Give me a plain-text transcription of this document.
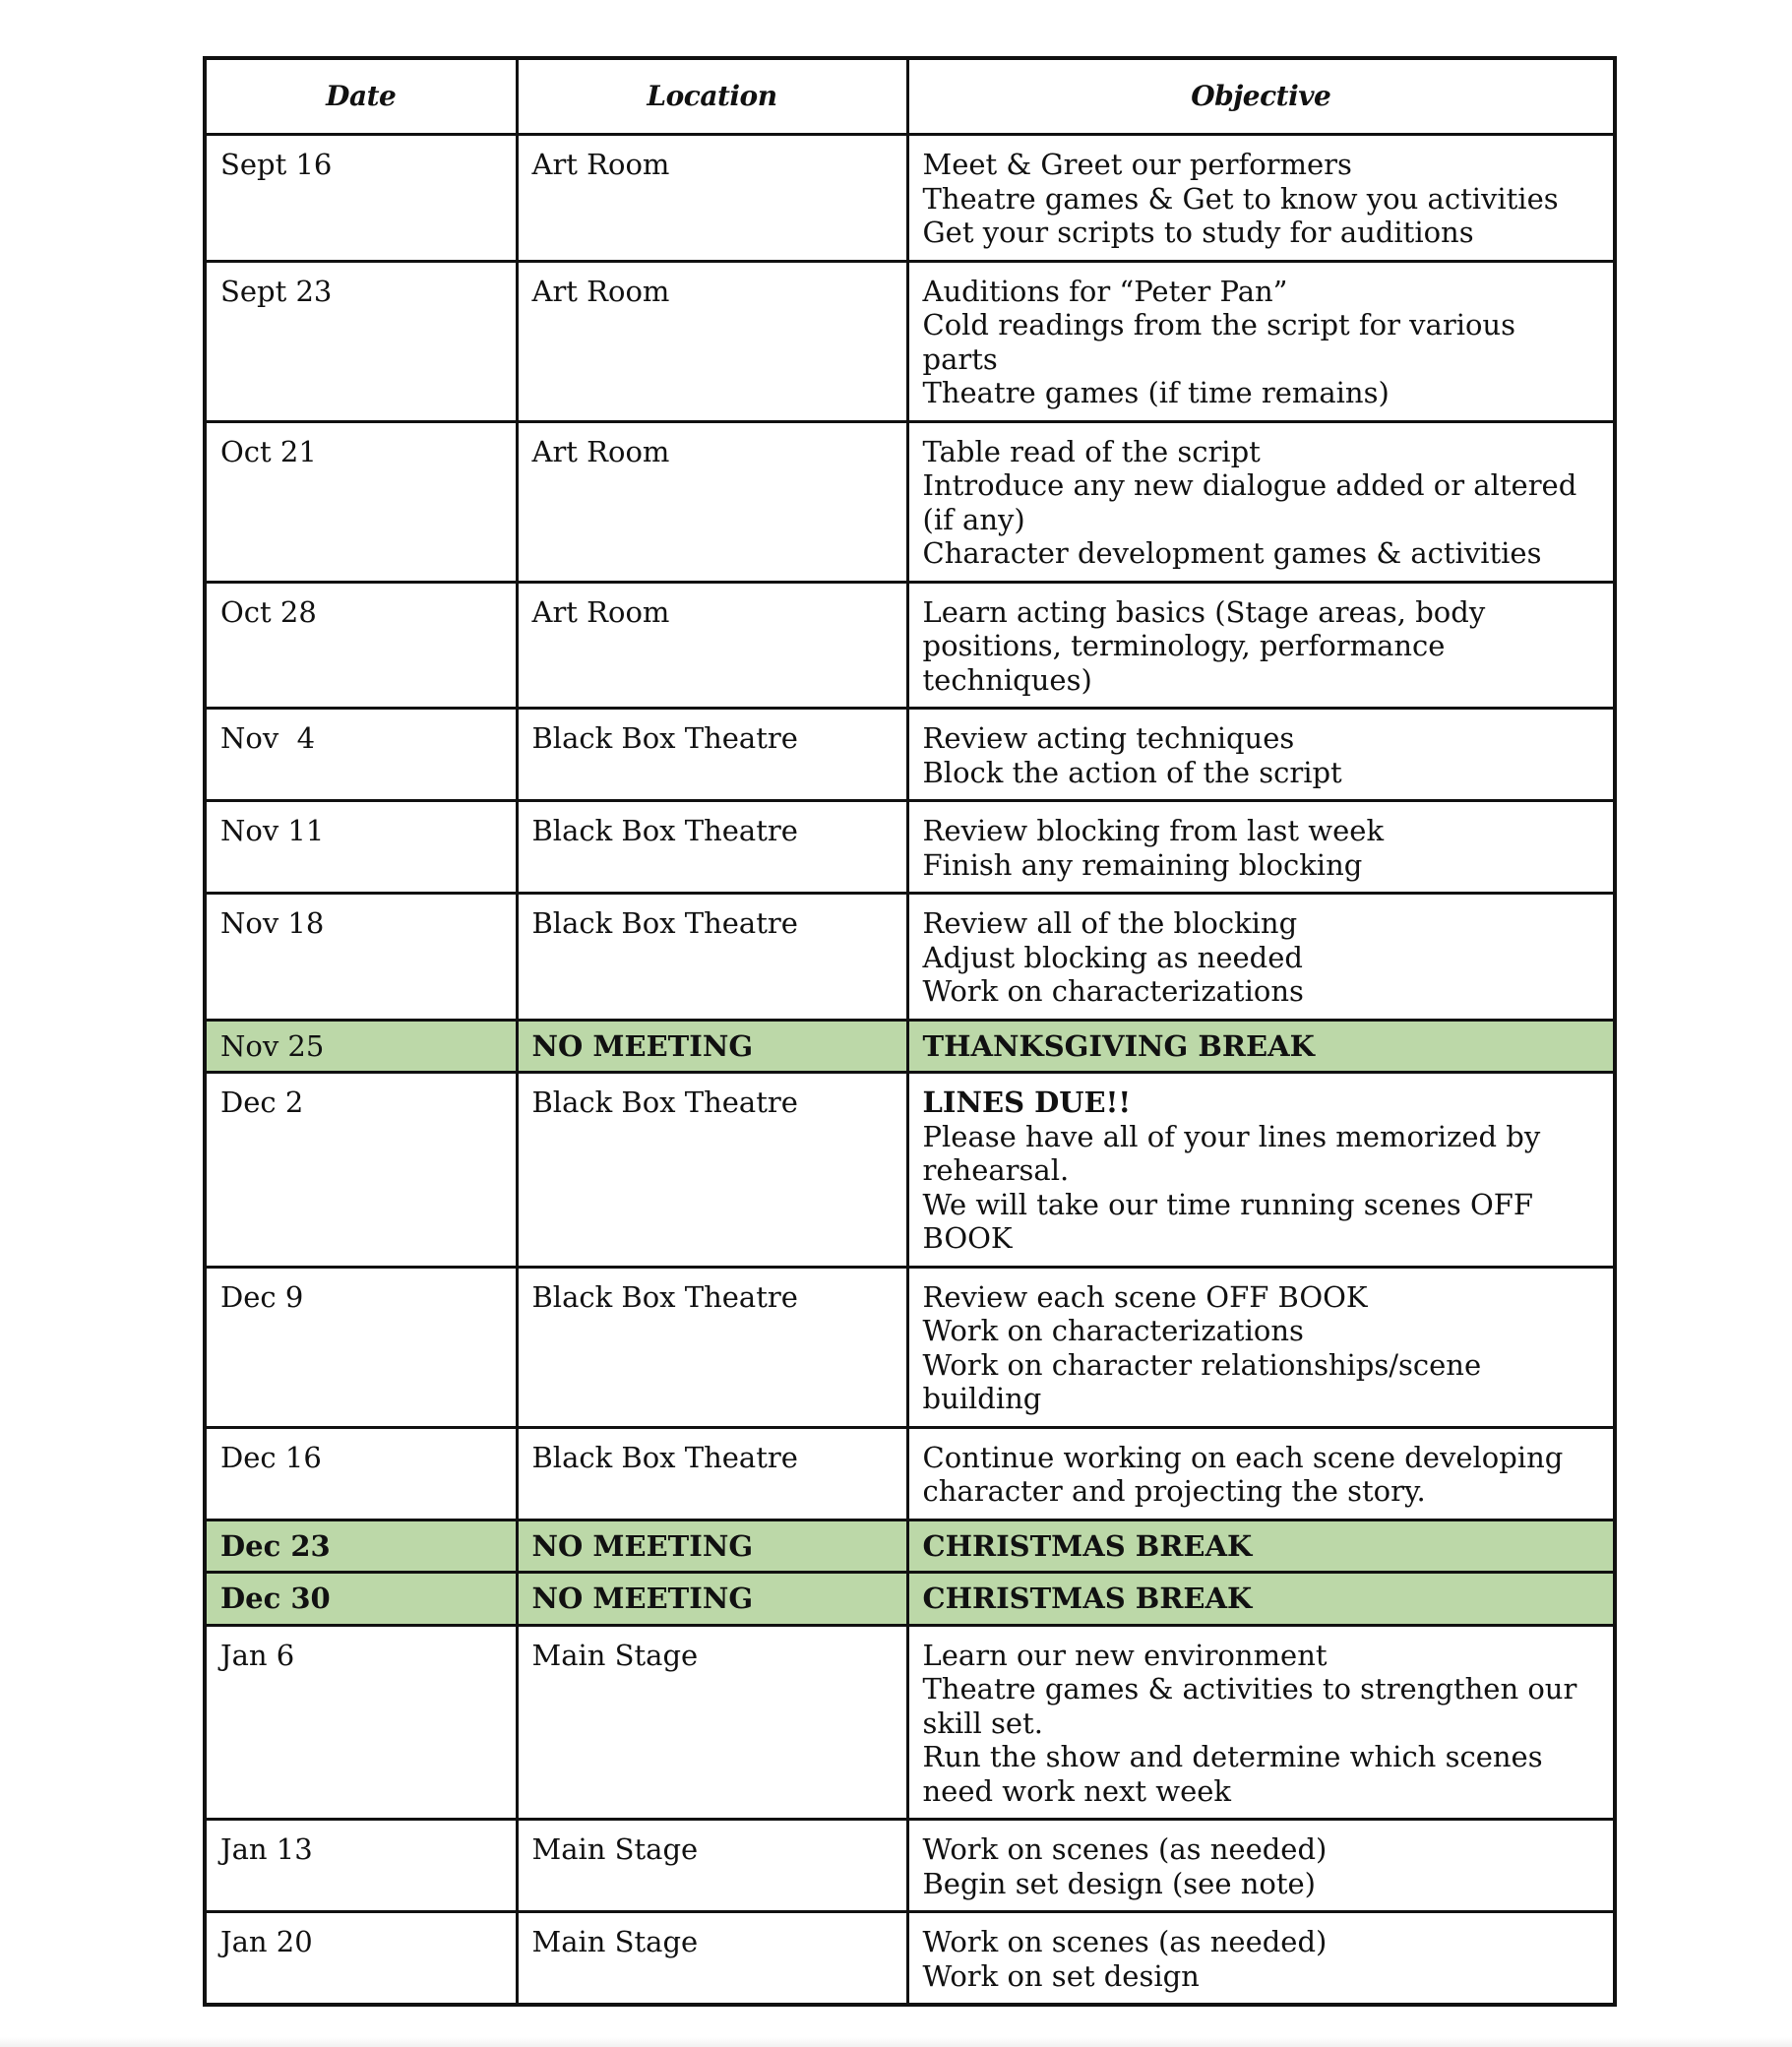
Date	Location	Objective
Sept 16	Art Room	Meet & Greet our performers
Theatre games & Get to know you activities
Get your scripts to study for auditions

Sept 23	Art Room	Auditions for “Peter Pan”
Cold readings from the script for various parts
Theatre games (if time remains)

Oct 21	Art Room	Table read of the script
Introduce any new dialogue added or altered (if any)
Character development games & activities

Oct 28	Art Room	Learn acting basics (Stage areas, body positions, terminology, performance techniques)

Nov  4	Black Box Theatre	Review acting techniques
Block the action of the script

Nov 11	Black Box Theatre	Review blocking from last week
Finish any remaining blocking

Nov 18	Black Box Theatre	Review all of the blocking
Adjust blocking as needed
Work on characterizations

Nov 25	NO MEETING	THANKSGIVING BREAK
Dec 2	Black Box Theatre	LINES DUE!!
Please have all of your lines memorized by rehearsal.
We will take our time running scenes OFF BOOK

Dec 9	Black Box Theatre	Review each scene OFF BOOK
Work on characterizations
Work on character relationships/scene building

Dec 16	Black Box Theatre	Continue working on each scene developing character and projecting the story.

Dec 23	NO MEETING	CHRISTMAS BREAK
Dec 30	NO MEETING	CHRISTMAS BREAK
Jan 6	Main Stage	Learn our new environment
Theatre games & activities to strengthen our skill set.
Run the show and determine which scenes need work next week

Jan 13	Main Stage	Work on scenes (as needed)
Begin set design (see note)

Jan 20	Main Stage	Work on scenes (as needed)
Work on set design
